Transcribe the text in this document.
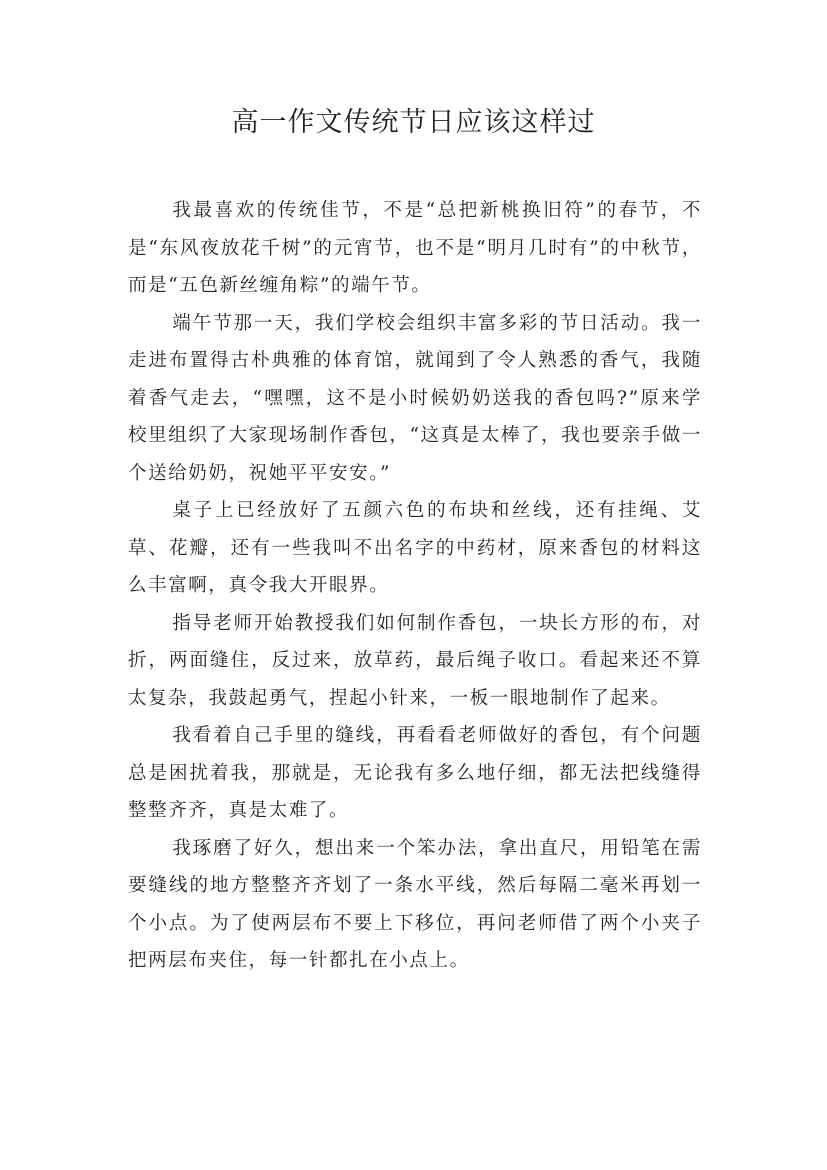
高一作文传统节日应该这样过

我最喜欢的传统佳节，不是“总把新桃换旧符”的春节，不是“东风夜放花千树”的元宵节，也不是“明月几时有”的中秋节，而是“五色新丝缠角粽”的端午节。

端午节那一天，我们学校会组织丰富多彩的节日活动。我一走进布置得古朴典雅的体育馆，就闻到了令人熟悉的香气，我随着香气走去，“嘿嘿，这不是小时候奶奶送我的香包吗?”原来学校里组织了大家现场制作香包，“这真是太棒了，我也要亲手做一个送给奶奶，祝她平平安安。”

桌子上已经放好了五颜六色的布块和丝线，还有挂绳、艾草、花瓣，还有一些我叫不出名字的中药材，原来香包的材料这么丰富啊，真令我大开眼界。

指导老师开始教授我们如何制作香包，一块长方形的布，对折，两面缝住，反过来，放草药，最后绳子收口。看起来还不算太复杂，我鼓起勇气，捏起小针来，一板一眼地制作了起来。

我看着自己手里的缝线，再看看老师做好的香包，有个问题总是困扰着我，那就是，无论我有多么地仔细，都无法把线缝得整整齐齐，真是太难了。

我琢磨了好久，想出来一个笨办法，拿出直尺，用铅笔在需要缝线的地方整整齐齐划了一条水平线，然后每隔二毫米再划一个小点。为了使两层布不要上下移位，再问老师借了两个小夹子把两层布夹住，每一针都扎在小点上。
